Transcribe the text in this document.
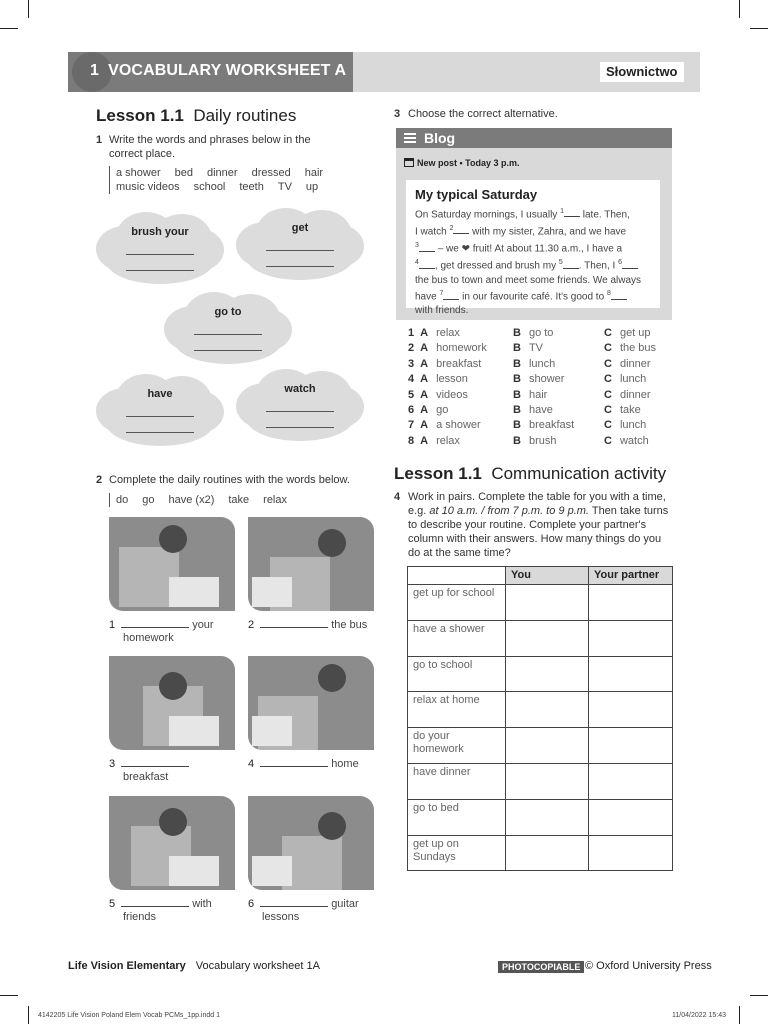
1 VOCABULARY WORKSHEET A	Słownictwo
Lesson 1.1 Daily routines
1 Write the words and phrases below in the correct place.
a shower bed dinner dressed hair
music videos school teeth TV up
brush your	get
go to
have	watch
2 Complete the daily routines with the words below.
do go have (x2) take relax
1	your
homework
2	the bus

3
breakfast
4	home

5	with
friends
6	guitar
lessons
3 Choose the correct alternative.
Blog
New post • Today 3 p.m.
My typical Saturday
On Saturday mornings, I usually $^1$ late. Then,
I watch $^2$ with my sister, Zahra, and we have
$^3$ – we ❤ fruit! At about 11.30 a.m., I have a
$^4$ , get dressed and brush my $^5$ . Then, I $^6$
the bus to town and meet some friends. We always
have $^7$ in our favourite café. It's good to $^8$
with friends.
1 A relax	B go to	C get up
2 A homework B TV	C the bus
3 A breakfast	B lunch	C dinner
4 A lesson	B shower	C lunch
5 A videos	B hair	C dinner
6 A go	B have	C take
7 A a shower	B breakfast	C lunch
8 A relax	B brush	C watch
Lesson 1.1 Communication activity
4 Work in pairs. Complete the table for you with a time, e.g. at 10 a.m. / from 7 p.m. to 9 p.m. Then take turns to describe your routine. Complete your partner's column with their answers. How many things do you do at the same time?
	You	Your partner
get up for school		
have a shower		
go to school		
relax at home		
do your homework		
have dinner		
go to bed		
get up on Sundays		
Life Vision Elementary Vocabulary worksheet 1A	PHOTOCOPIABLE © Oxford University Press
4142205 Life Vision Poland Elem Vocab PCMs_1pp.indd 1	11/04/2022 15:43
